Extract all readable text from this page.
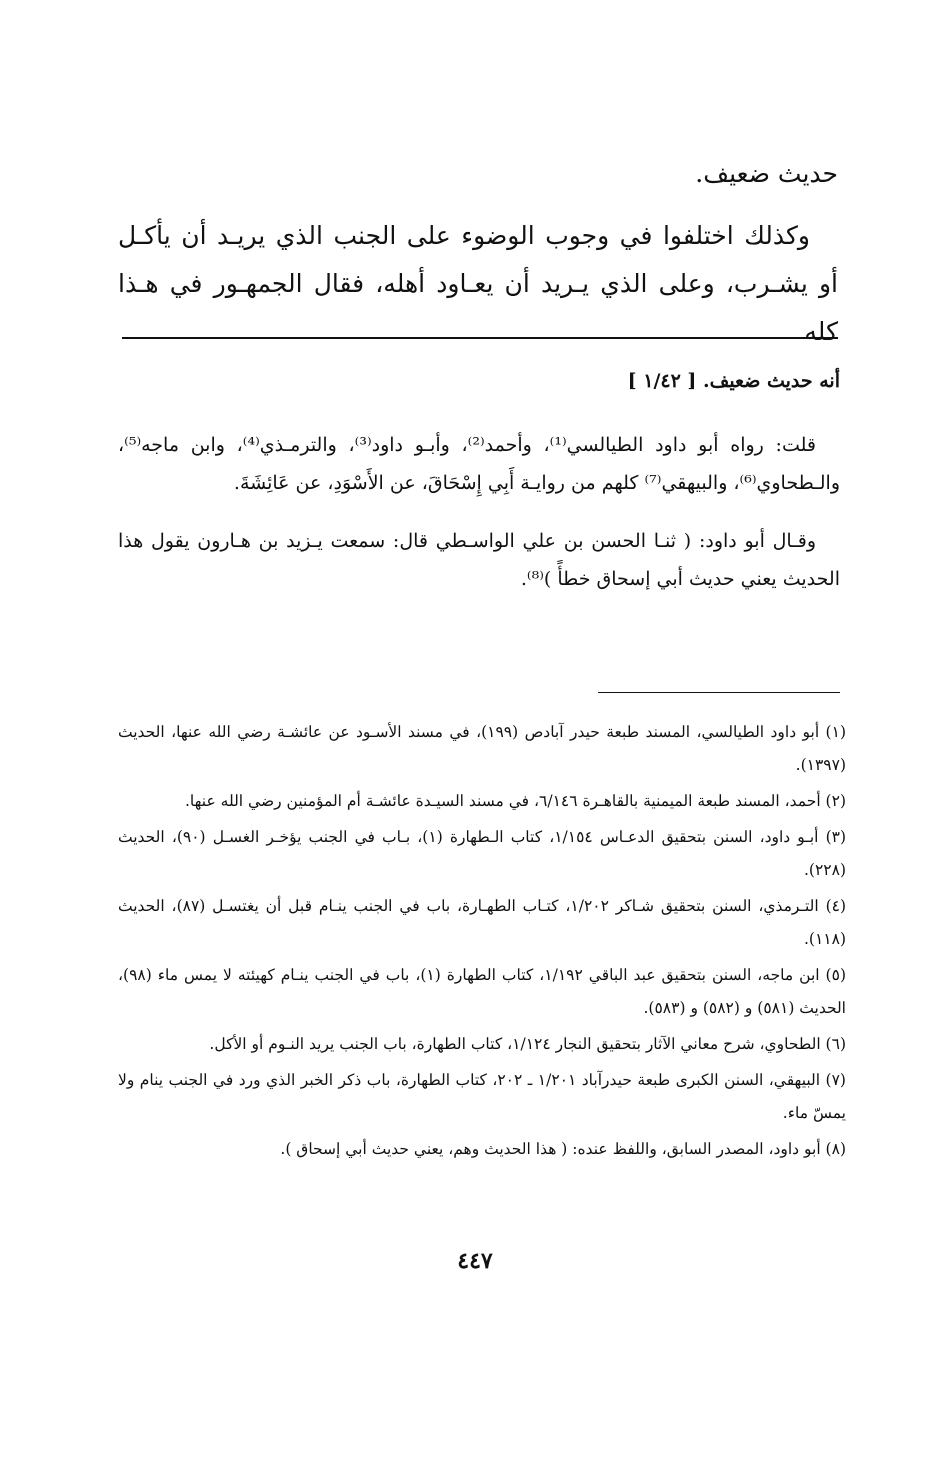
حديث ضعيف.

وكذلك اختلفوا في وجوب الوضوء على الجنب الذي يريـد أن يأكـل أو يشـرب، وعلى الذي يـريد أن يعـاود أهله، فقال الجمهـور في هـذا كله

أنه حديث ضعيف. [ ١/٤٢ ]

قلت: رواه أبو داود الطيالسي⁽¹⁾، وأحمد⁽²⁾، وأبـو داود⁽³⁾، والترمـذي⁽⁴⁾، وابن ماجه⁽⁵⁾، والـطحاوي⁽⁶⁾، والبيهقي⁽⁷⁾ كلهم من روايـة أَبِي إِسْحَاقَ، عن الأَسْوَدِ، عن عَائِشَةَ.

وقـال أبو داود: ( ثنـا الحسن بن علي الواسـطي قال: سمعت يـزيد بن هـارون يقول هذا الحديث يعني حديث أبي إسحاق خطأً )⁽⁸⁾.

(١) أبو داود الطيالسي، المسند طبعة حيدر آبادص (١٩٩)، في مسند الأسـود عن عائشـة رضي الله عنها، الحديث (١٣٩٧).

(٢) أحمد، المسند طبعة الميمنية بالقاهـرة ٦/١٤٦، في مسند السيـدة عائشـة أم المؤمنين رضي الله عنها.

(٣) أبـو داود، السنن بتحقيق الدعـاس ١/١٥٤، كتاب الـطهارة (١)، بـاب في الجنب يؤخـر الغسـل (٩٠)، الحديث (٢٢٨).

(٤) التـرمذي، السنن بتحقيق شـاكر ١/٢٠٢، كتـاب الطهـارة، باب في الجنب ينـام قبل أن يغتسـل (٨٧)، الحديث (١١٨).

(٥) ابن ماجه، السنن بتحقيق عبد الباقي ١/١٩٢، كتاب الطهارة (١)، باب في الجنب ينـام كهيئته لا يمس ماء (٩٨)، الحديث (٥٨١) و (٥٨٢) و (٥٨٣).

(٦) الطحاوي، شرح معاني الآثار بتحقيق النجار ١/١٢٤، كتاب الطهارة، باب الجنب يريد النـوم أو الأكل.

(٧) البيهقي، السنن الكبرى طبعة حيدرآباد ١/٢٠١ ـ ٢٠٢، كتاب الطهارة، باب ذكر الخبر الذي ورد في الجنب ينام ولا يمسّ ماء.

(٨) أبو داود، المصدر السابق، واللفظ عنده: ( هذا الحديث وهم، يعني حديث أبي إسحاق ).

٤٤٧
